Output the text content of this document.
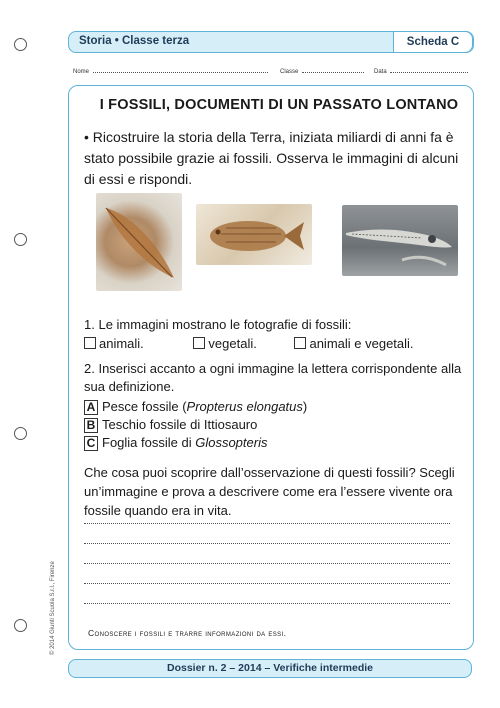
Storia • Classe terza	Scheda C
Nome	Classe	Data
I FOSSILI, DOCUMENTI DI UN PASSATO LONTANO
• Ricostruire la storia della Terra, iniziata miliardi di anni fa è stato possibile grazie ai fossili. Osserva le immagini di alcuni di essi e rispondi.
1. Le immagini mostrano le fotografie di fossili:
animali.	vegetali.	animali e vegetali.
2. Inserisci accanto a ogni immagine la lettera corrispondente alla sua definizione.
A Pesce fossile (Propterus elongatus)
B Teschio fossile di Ittiosauro
C Foglia fossile di Glossopteris
Che cosa puoi scoprire dall’osservazione di questi fossili? Scegli un’immagine e prova a descrivere come era l’essere vivente ora fossile quando era in vita.
Conoscere i fossili e trarre informazioni da essi.
© 2014 Giunti Scuola S.r.l., Firenze
Dossier n. 2 – 2014 – Verifiche intermedie
